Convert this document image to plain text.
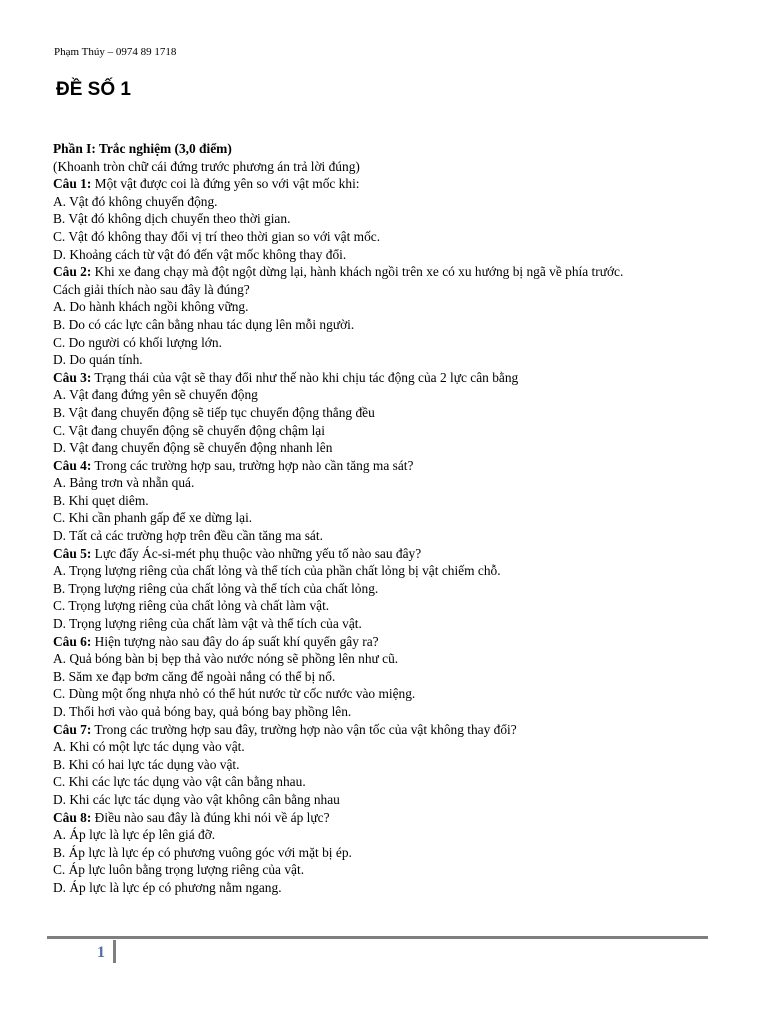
Phạm Thúy – 0974 89 1718
ĐỀ SỐ 1
Phần I: Trắc nghiệm (3,0 điểm)
(Khoanh tròn chữ cái đứng trước phương án trả lời đúng)
Câu 1: Một vật được coi là đứng yên so với vật mốc khi:
A. Vật đó không chuyển động.
B. Vật đó không dịch chuyển theo thời gian.
C. Vật đó không thay đổi vị trí theo thời gian so với vật mốc.
D. Khoảng cách từ vật đó đến vật mốc không thay đổi.
Câu 2: Khi xe đang chạy mà đột ngột dừng lại, hành khách ngồi trên xe có xu hướng bị ngã về phía trước.
Cách giải thích nào sau đây là đúng?
A. Do hành khách ngồi không vững.
B. Do có các lực cân bằng nhau tác dụng lên mỗi người.
C. Do người có khối lượng lớn.
D. Do quán tính.
Câu 3: Trạng thái của vật sẽ thay đổi như thế nào khi chịu tác động của 2 lực cân bằng
A. Vật đang đứng yên sẽ chuyển động
B. Vật đang chuyển động sẽ tiếp tục chuyển động thẳng đều
C. Vật đang chuyển động sẽ chuyển động chậm lại
D. Vật đang chuyển động sẽ chuyển động nhanh lên
Câu 4: Trong các trường hợp sau, trường hợp nào cần tăng ma sát?
A. Bảng trơn và nhẵn quá.
B. Khi quẹt diêm.
C. Khi cần phanh gấp để xe dừng lại.
D. Tất cả các trường hợp trên đều cần tăng ma sát.
Câu 5: Lực đẩy Ác-si-mét phụ thuộc vào những yếu tố nào sau đây?
A. Trọng lượng riêng của chất lỏng và thể tích của phần chất lỏng bị vật chiếm chỗ.
B. Trọng lượng riêng của chất lỏng và thể tích của chất lỏng.
C. Trọng lượng riêng của chất lỏng và chất làm vật.
D. Trọng lượng riêng của chất làm vật và thể tích của vật.
Câu 6: Hiện tượng nào sau đây do áp suất khí quyển gây ra?
A. Quả bóng bàn bị bẹp thả vào nước nóng sẽ phồng lên như cũ.
B. Săm xe đạp bơm căng để ngoài nắng có thể bị nổ.
C. Dùng một ống nhựa nhỏ có thể hút nước từ cốc nước vào miệng.
D. Thổi hơi vào quả bóng bay, quả bóng bay phồng lên.
Câu 7: Trong các trường hợp sau đây, trường hợp nào vận tốc của vật không thay đổi?
A. Khi có một lực tác dụng vào vật.
B. Khi có hai lực tác dụng vào vật.
C. Khi các lực tác dụng vào vật cân bằng nhau.
D. Khi các lực tác dụng vào vật không cân bằng nhau
Câu 8: Điều nào sau đây là đúng khi nói về áp lực?
A. Áp lực là lực ép lên giá đỡ.
B. Áp lực là lực ép có phương vuông góc với mặt bị ép.
C. Áp lực luôn bằng trọng lượng riêng của vật.
D. Áp lực là lực ép có phương nằm ngang.
1
